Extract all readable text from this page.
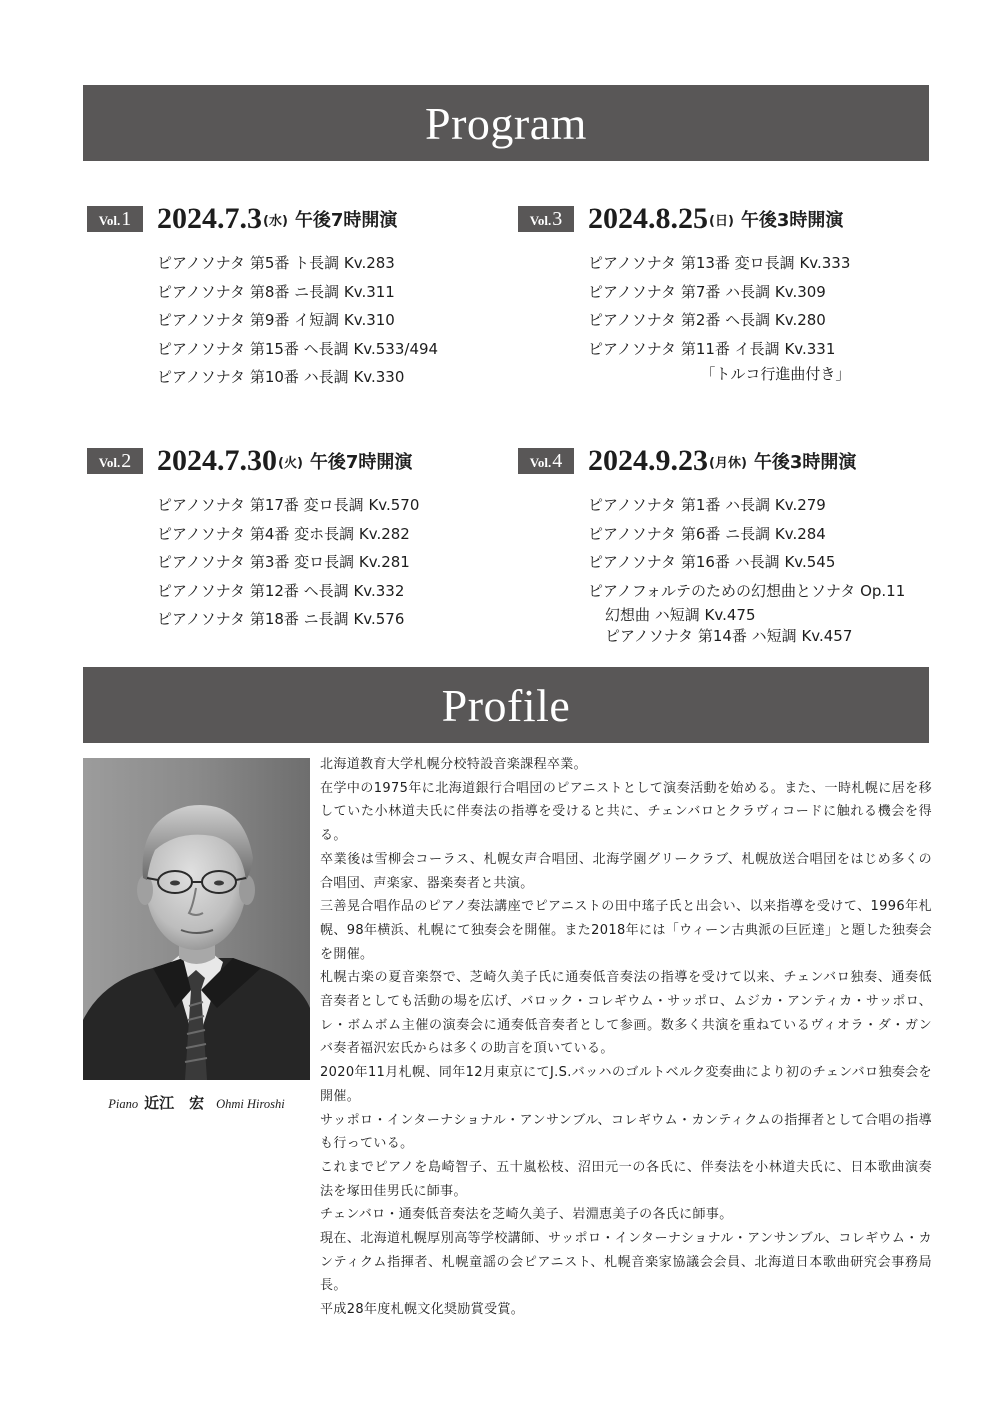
Program
Vol. 1 2024.7.3 (水) 午後7時開演
ピアノソナタ 第5番 ト長調 Kv.283
ピアノソナタ 第8番 ニ長調 Kv.311
ピアノソナタ 第9番 イ短調 Kv.310
ピアノソナタ 第15番 ヘ長調 Kv.533/494
ピアノソナタ 第10番 ハ長調 Kv.330
Vol. 2 2024.7.30 (火) 午後7時開演
ピアノソナタ 第17番 変ロ長調 Kv.570
ピアノソナタ 第4番 変ホ長調 Kv.282
ピアノソナタ 第3番 変ロ長調 Kv.281
ピアノソナタ 第12番 ヘ長調 Kv.332
ピアノソナタ 第18番 ニ長調 Kv.576
Vol. 3 2024.8.25 (日) 午後3時開演
ピアノソナタ 第13番 変ロ長調 Kv.333
ピアノソナタ 第7番 ハ長調 Kv.309
ピアノソナタ 第2番 ヘ長調 Kv.280
ピアノソナタ 第11番 イ長調 Kv.331
「トルコ行進曲付き」
Vol. 4 2024.9.23 (月休) 午後3時開演
ピアノソナタ 第1番 ハ長調 Kv.279
ピアノソナタ 第6番 ニ長調 Kv.284
ピアノソナタ 第16番 ハ長調 Kv.545
ピアノフォルテのための幻想曲とソナタ Op.11
幻想曲 ハ短調 Kv.475
ピアノソナタ 第14番 ハ短調 Kv.457
Profile
Piano 近江　宏 Ohmi Hiroshi

北海道教育大学札幌分校特設音楽課程卒業。

在学中の1975年に北海道銀行合唱団のピアニストとして演奏活動を始める。また、一時札幌に居を移していた小林道夫氏に伴奏法の指導を受けると共に、チェンバロとクラヴィコードに触れる機会を得る。

卒業後は雪柳会コーラス、札幌女声合唱団、北海学園グリークラブ、札幌放送合唱団をはじめ多くの合唱団、声楽家、器楽奏者と共演。

三善晃合唱作品のピアノ奏法講座でピアニストの田中瑤子氏と出会い、以来指導を受けて、1996年札幌、98年横浜、札幌にて独奏会を開催。また2018年には「ウィーン古典派の巨匠達」と題した独奏会を開催。

札幌古楽の夏音楽祭で、芝崎久美子氏に通奏低音奏法の指導を受けて以来、チェンバロ独奏、通奏低音奏者としても活動の場を広げ、バロック・コレギウム・サッポロ、ムジカ・アンティカ・サッポロ、レ・ボムボム主催の演奏会に通奏低音奏者として参画。数多く共演を重ねているヴィオラ・ダ・ガンバ奏者福沢宏氏からは多くの助言を頂いている。

2020年11月札幌、同年12月東京にてJ.S.バッハのゴルトベルク変奏曲により初のチェンバロ独奏会を開催。

サッポロ・インターナショナル・アンサンブル、コレギウム・カンティクムの指揮者として合唱の指導も行っている。

これまでピアノを島崎智子、五十嵐松枝、沼田元一の各氏に、伴奏法を小林道夫氏に、日本歌曲演奏法を塚田佳男氏に師事。

チェンバロ・通奏低音奏法を芝崎久美子、岩淵恵美子の各氏に師事。

現在、北海道札幌厚別高等学校講師、サッポロ・インターナショナル・アンサンブル、コレギウム・カンティクム指揮者、札幌童謡の会ピアニスト、札幌音楽家協議会会員、北海道日本歌曲研究会事務局長。

平成28年度札幌文化奨励賞受賞。
